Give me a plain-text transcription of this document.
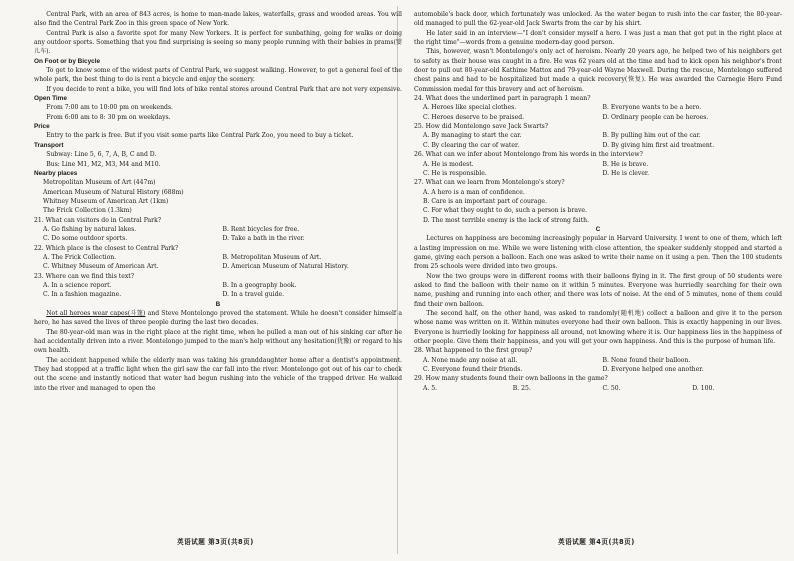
Central Park, with an area of 843 acres, is home to man-made lakes, waterfalls, grass and wooded areas. You will also find the Central Park Zoo in this green space of New York.

Central Park is also a favorite spot for many New Yorkers. It is perfect for sunbathing, going for walks or doing any outdoor sports. Something that you find surprising is seeing so many people running with their babies in prams(婴儿车).

On Foot or by Bicycle

To get to know some of the widest parts of Central Park, we suggest walking. However, to get a general feel of the whole park, the best thing to do is rent a bicycle and enjoy the scenery.

If you decide to rent a bike, you will find lots of bike rental stores around Central Park that are not very expensive.

Open Time

From 7:00 am to 10:00 pm on weekends.

From 6:00 am to 8: 30 pm on weekdays.

Price

Entry to the park is free. But if you visit some parts like Central Park Zoo, you need to buy a ticket.

Transport

Subway: Line 5, 6, 7, A, B, C and D.

Bus: Line M1, M2, M3, M4 and M10.

Nearby places

Metropolitan Museum of Art (447m)
American Museum of Natural History (688m)
Whitney Museum of American Art (1km)
The Frick Collection (1.3km)

21. What can visitors do in Central Park?

A. Go fishing by natural lakes.	B. Rent bicycles for free.
C. Do some outdoor sports.	D. Take a bath in the river.

22. Which place is the closest to Central Park?

A. The Frick Collection.	B. Metropolitan Museum of Art.
C. Whitney Museum of American Art.	D. American Museum of Natural History.

23. Where can we find this text?

A. In a science report.	B. In a geography book.
C. In a fashion magazine.	D. In a travel guide.

B

Not all heroes wear capes(斗篷) and Steve Montelongo proved the statement. While he doesn't consider himself a hero, he has saved the lives of three people during the last two decades.

The 80-year-old man was in the right place at the right time, when he pulled a man out of his sinking car after he had accidentally driven into a river. Montelongo jumped to the man's help without any hesitation(犹豫) or regard to his own health.

The accident happened while the elderly man was taking his granddaughter home after a dentist's appointment. They had stopped at a traffic light when the girl saw the car fall into the river. Montelongo got out of his car to check out the scene and instantly noticed that water had begun rushing into the vehicle of the trapped driver. He walked into the river and managed to open the

英语试题 第3页(共8页)

automobile's back door, which fortunately was unlocked. As the water began to rush into the car faster, the 80-year-old managed to pull the 62-year-old Jack Swarts from the car by his shirt.

He later said in an interview—"I don't consider myself a hero. I was just a man that got put in the right place at the right time"—words from a genuine modern-day good person.

This, however, wasn't Montelongo's only act of heroism. Nearly 20 years ago, he helped two of his neighbors get to safety as their house was caught in a fire. He was 62 years old at the time and had to kick open his neighbor's front door to pull out 80-year-old Kathime Mattox and 79-year-old Wayne Maxwell. During the rescue, Montelongo suffered chest pains and had to be hospitalized but made a quick recovery(恢复). He was awarded the Carnegie Hero Fund Commission medal for this bravery and act of heroism.

24. What does the underlined part in paragraph 1 mean?

A. Heroes like special clothes.	B. Everyone wants to be a hero.
C. Heroes deserve to be praised.	D. Ordinary people can be heroes.

25. How did Montelongo save Jack Swarts?

A. By managing to start the car.	B. By pulling him out of the car.
C. By clearing the car of water.	D. By giving him first aid treatment.

26. What can we infer about Montelongo from his words in the interview?

A. He is modest.	B. He is brave.
C. He is responsible.	D. He is clever.

27. What can we learn from Montelongo's story?

A. A hero is a man of confidence.
B. Care is an important part of courage.
C. For what they ought to do, such a person is brave.
D. The most terrible enemy is the lack of strong faith.

C

Lectures on happiness are becoming increasingly popular in Harvard University. I went to one of them, which left a lasting impression on me. While we were listening with close attention, the speaker suddenly stopped and started a game, giving each person a balloon. Each one was asked to write their name on it using a pen. Then the 100 students from 25 schools were divided into two groups.

Now the two groups were in different rooms with their balloons flying in it. The first group of 50 students were asked to find the balloon with their name on it within 5 minutes. Everyone was hurriedly searching for their own name, pushing and running into each other, and there was lots of noise. At the end of 5 minutes, none of them could find their own balloon.

The second half, on the other hand, was asked to randomly(随机地) collect a balloon and give it to the person whose name was written on it. Within minutes everyone had their own balloon. This is exactly happening in our lives. Everyone is hurriedly looking for happiness all around, not knowing where it is. Our happiness lies in the happiness of other people. Give them their happiness, and you will get your own happiness. And this is the purpose of human life.

28. What happened to the first group?

A. None made any noise at all.	B. None found their balloon.
C. Everyone found their friends.	D. Everyone helped one another.

29. How many students found their own balloons in the game?

A. 5.	B. 25.	C. 50.	D. 100.
英语试题 第4页(共8页)
